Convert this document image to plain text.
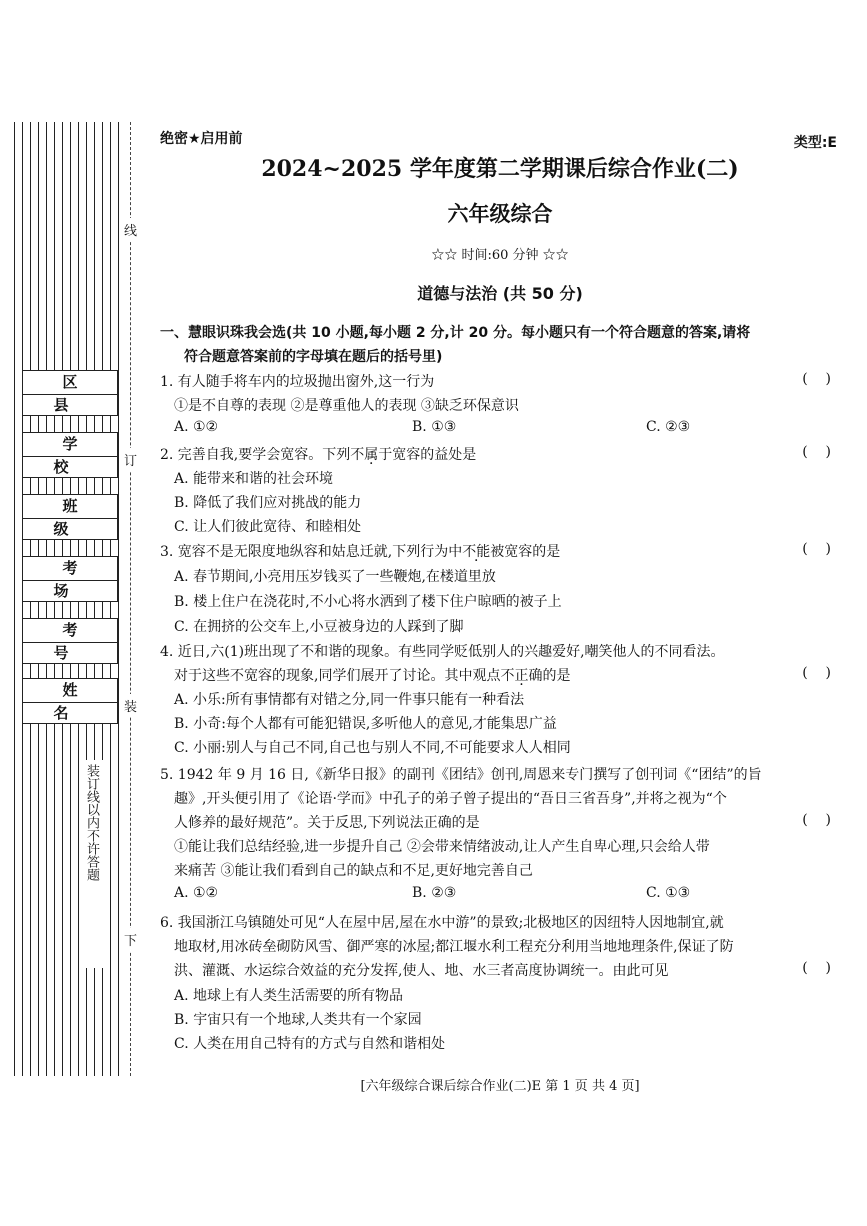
区 县
学 校
班 级
考 场
考 号
姓 名
装订线以内不许答题
线
订
装
下
绝密★启用前	类型:E
2024~2025 学年度第二学期课后综合作业(二)
六年级综合
☆☆ 时间:60 分钟 ☆☆
道德与法治 (共 50 分)
一、慧眼识珠我会选(共 10 小题,每小题 2 分,计 20 分。每小题只有一个符合题意的答案,请将
符合题意答案前的字母填在题后的括号里)
1. 有人随手将车内的垃圾抛出窗外,这一行为	(    )
①是不自尊的表现 ②是尊重他人的表现 ③缺乏环保意识
A. ①②	B. ①③	C. ②③
2. 完善自我,要学会宽容。下列不属于宽容的益处是	(    )
A. 能带来和谐的社会环境
B. 降低了我们应对挑战的能力
C. 让人们彼此宽待、和睦相处
3. 宽容不是无限度地纵容和姑息迁就,下列行为中不能被宽容的是	(    )
A. 春节期间,小亮用压岁钱买了一些鞭炮,在楼道里放
B. 楼上住户在浇花时,不小心将水洒到了楼下住户晾晒的被子上
C. 在拥挤的公交车上,小豆被身边的人踩到了脚
4. 近日,六(1)班出现了不和谐的现象。有些同学贬低别人的兴趣爱好,嘲笑他人的不同看法。
对于这些不宽容的现象,同学们展开了讨论。其中观点不正确的是	(    )
A. 小乐:所有事情都有对错之分,同一件事只能有一种看法
B. 小奇:每个人都有可能犯错误,多听他人的意见,才能集思广益
C. 小丽:别人与自己不同,自己也与别人不同,不可能要求人人相同
5. 1942 年 9 月 16 日,《新华日报》的副刊《团结》创刊,周恩来专门撰写了创刊词《“团结”的旨
趣》,开头便引用了《论语·学而》中孔子的弟子曾子提出的“吾日三省吾身”,并将之视为“个
人修养的最好规范”。关于反思,下列说法正确的是	(    )
①能让我们总结经验,进一步提升自己 ②会带来情绪波动,让人产生自卑心理,只会给人带
来痛苦 ③能让我们看到自己的缺点和不足,更好地完善自己
A. ①②	B. ②③	C. ①③
6. 我国浙江乌镇随处可见“人在屋中居,屋在水中游”的景致;北极地区的因纽特人因地制宜,就
地取材,用冰砖垒砌防风雪、御严寒的冰屋;都江堰水利工程充分利用当地地理条件,保证了防
洪、灌溉、水运综合效益的充分发挥,使人、地、水三者高度协调统一。由此可见	(    )
A. 地球上有人类生活需要的所有物品
B. 宇宙只有一个地球,人类共有一个家园
C. 人类在用自己特有的方式与自然和谐相处
[六年级综合课后综合作业(二)E 第 1 页 共 4 页]
